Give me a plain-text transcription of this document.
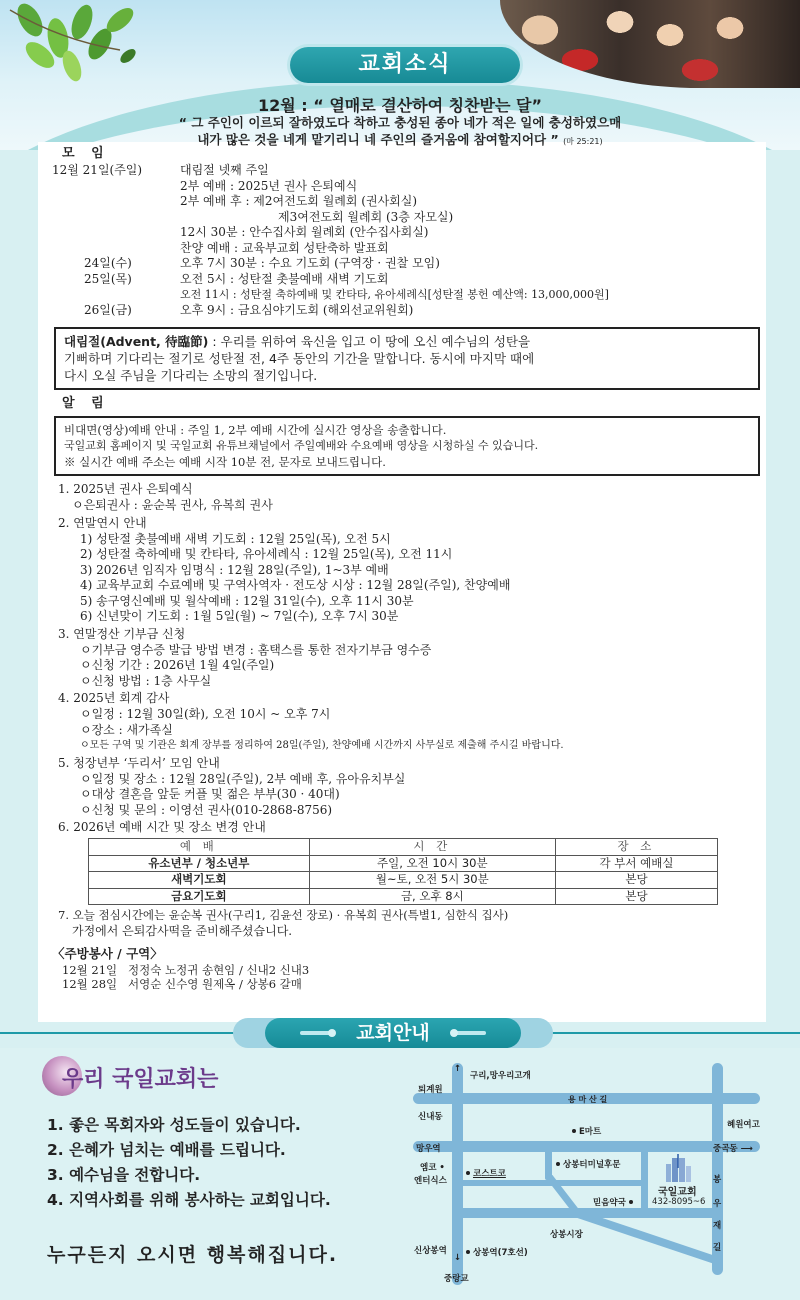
교회소식
12월 : “ 열매로 결산하여 칭찬받는 달”
“ 그 주인이 이르되 잘하였도다 착하고 충성된 종아 네가 적은 일에 충성하였으매
내가 많은 것을 네게 맡기리니 네 주인의 즐거움에 참여할지어다 ” (마 25:21)
모 임
12월 21일(주일)	대림절 넷째 주일
2부 예배 : 2025년 권사 은퇴예식
2부 예배 후 : 제2여전도회 월례회 (권사회실)
제3여전도회 월례회 (3층 자모실)
12시 30분 : 안수집사회 월례회 (안수집사회실)
찬양 예배 : 교육부교회 성탄축하 발표회
24일(수)	오후 7시 30분 : 수요 기도회 (구역장 · 권찰 모임)
25일(목)	오전 5시 : 성탄절 촛불예배 새벽 기도회
오전 11시 : 성탄절 축하예배 및 칸타타, 유아세례식[성탄절 봉헌 예산액: 13,000,000원]
26일(금)	오후 9시 : 금요심야기도회 (해외선교위원회)
대림절(Advent, 待臨節) : 우리를 위하여 육신을 입고 이 땅에 오신 예수님의 성탄을
기뻐하며 기다리는 절기로 성탄절 전, 4주 동안의 기간을 말합니다. 동시에 마지막 때에
다시 오실 주님을 기다리는 소망의 절기입니다.
알 림
비대면(영상)예배 안내 : 주일 1, 2부 예배 시간에 실시간 영상을 송출합니다.
국일교회 홈페이지 및 국일교회 유튜브채널에서 주일예배와 수요예배 영상을 시청하실 수 있습니다.
※ 실시간 예배 주소는 예배 시작 10분 전, 문자로 보내드립니다.
1. 2025년 권사 은퇴예식
ㅇ은퇴권사 : 윤순복 권사, 유복희 권사
2. 연말연시 안내
1) 성탄절 촛불예배 새벽 기도회 : 12월 25일(목), 오전 5시
2) 성탄절 축하예배 및 칸타타, 유아세례식 : 12월 25일(목), 오전 11시
3) 2026년 임직자 임명식 : 12월 28일(주일), 1~3부 예배
4) 교육부교회 수료예배 및 구역사역자 · 전도상 시상 : 12월 28일(주일), 찬양예배
5) 송구영신예배 및 월삭예배 : 12월 31일(수), 오후 11시 30분
6) 신년맞이 기도회 : 1월 5일(월) ~ 7일(수), 오후 7시 30분
3. 연말정산 기부금 신청
ㅇ기부금 영수증 발급 방법 변경 : 홈택스를 통한 전자기부금 영수증
ㅇ신청 기간 : 2026년 1월 4일(주일)
ㅇ신청 방법 : 1층 사무실
4. 2025년 회계 감사
ㅇ일정 : 12월 30일(화), 오전 10시 ~ 오후 7시
ㅇ장소 : 새가족실
ㅇ모든 구역 및 기관은 회계 장부를 정리하여 28일(주일), 찬양예배 시간까지 사무실로 제출해 주시길 바랍니다.
5. 청장년부 ‘두리서’ 모임 안내
ㅇ일정 및 장소 : 12월 28일(주일), 2부 예배 후, 유아유치부실
ㅇ대상 결혼을 앞둔 커플 및 젊은 부부(30 · 40대)
ㅇ신청 및 문의 : 이영선 권사(010-2868-8756)
6. 2026년 예배 시간 및 장소 변경 안내
예 배	시 간	장 소
유소년부 / 청소년부	주일, 오전 10시 30분	각 부서 예배실
새벽기도회	월~토, 오전 5시 30분	본당
금요기도회	금, 오후 8시	본당
7. 오늘 점심시간에는 윤순복 권사(구리1, 김윤선 장로) · 유복희 권사(특별1, 심한식 집사)
가정에서 은퇴감사떡을 준비해주셨습니다.
〈주방봉사 / 구역〉
12월 21일 정정숙 노정귀 송현임 / 신내2 신내3
12월 28일 서영순 신수영 원제옥 / 상봉6 갈매
교회안내
우리 국일교회는
1. 좋은 목회자와 성도들이 있습니다.
2. 은혜가 넘치는 예배를 드립니다.
3. 예수님을 전합니다.
4. 지역사회를 위해 봉사하는 교회입니다.
누구든지 오시면 행복해집니다.
↑
구리,망우리고개
퇴계원
용 마 산 길
신내동
E마트
혜원여고
망우역	중곡동 ⟶
엠코 •
엔터식스
코스트코
상봉터미널후문
국일교회
432-8095~6
믿음약국
봉
우
재
길
상봉시장
신상봉역	상봉역(7호선)
↓
중랑교
